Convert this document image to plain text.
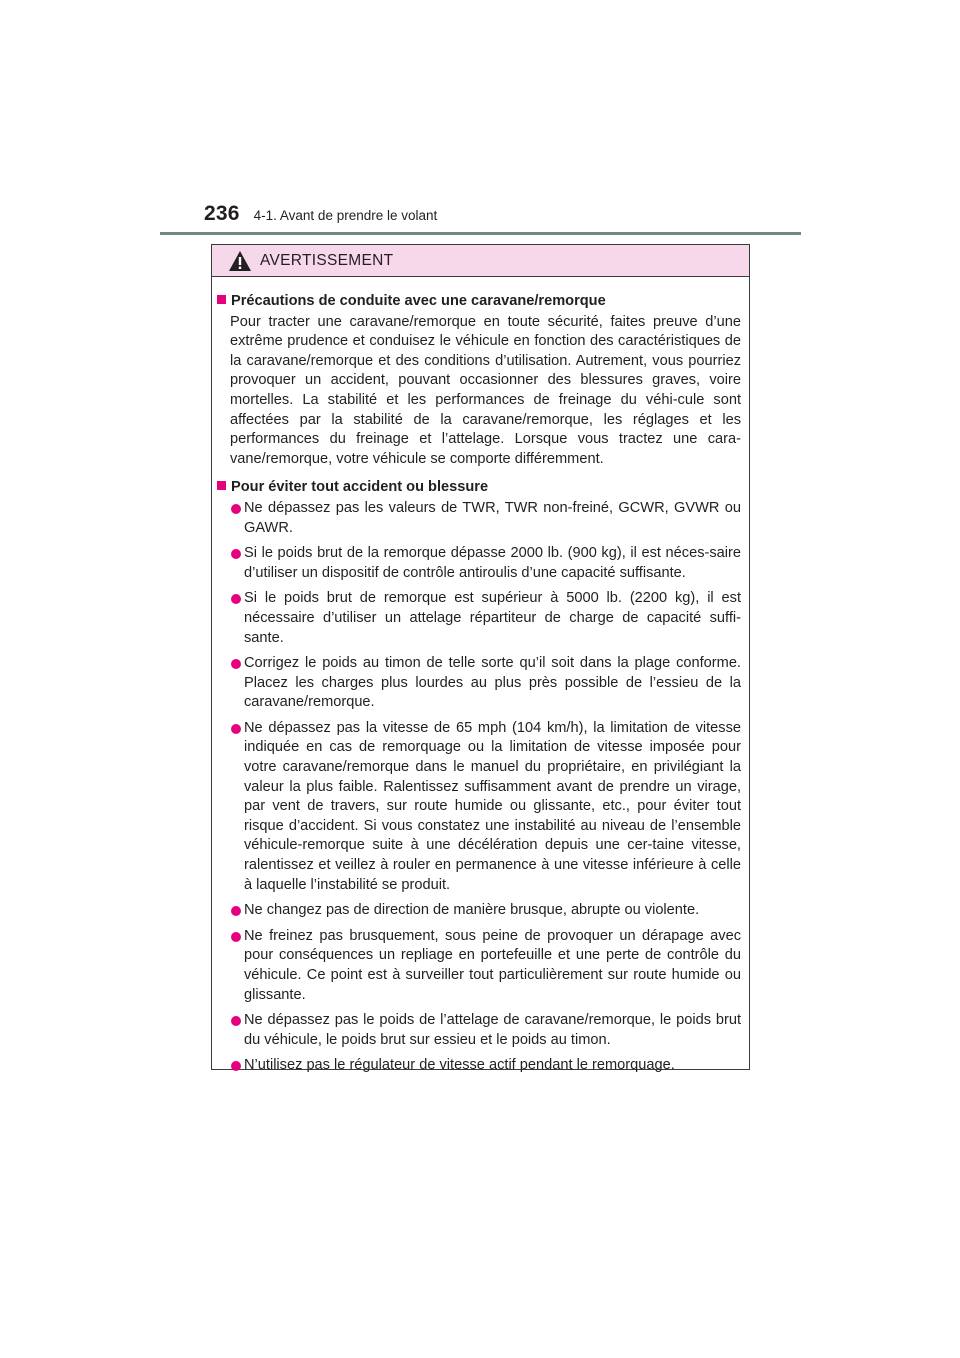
236 4-1. Avant de prendre le volant
AVERTISSEMENT
Précautions de conduite avec une caravane/remorque

Pour tracter une caravane/remorque en toute sécurité, faites preuve d’une extrême prudence et conduisez le véhicule en fonction des caractéristiques de la caravane/remorque et des conditions d’utilisation. Autrement, vous pourriez provoquer un accident, pouvant occasionner des blessures graves, voire mortelles. La stabilité et les performances de freinage du véhi-cule sont affectées par la stabilité de la caravane/remorque, les réglages et les performances du freinage et l’attelage. Lorsque vous tractez une cara-vane/remorque, votre véhicule se comporte différemment.

Pour éviter tout accident ou blessure
Ne dépassez pas les valeurs de TWR, TWR non-freiné, GCWR, GVWR ou GAWR.
Si le poids brut de la remorque dépasse 2000 lb. (900 kg), il est néces-saire d’utiliser un dispositif de contrôle antiroulis d’une capacité suffisante.
Si le poids brut de remorque est supérieur à 5000 lb. (2200 kg), il est nécessaire d’utiliser un attelage répartiteur de charge de capacité suffi-sante.
Corrigez le poids au timon de telle sorte qu’il soit dans la plage conforme. Placez les charges plus lourdes au plus près possible de l’essieu de la caravane/remorque.
Ne dépassez pas la vitesse de 65 mph (104 km/h), la limitation de vitesse indiquée en cas de remorquage ou la limitation de vitesse imposée pour votre caravane/remorque dans le manuel du propriétaire, en privilégiant la valeur la plus faible. Ralentissez suffisamment avant de prendre un virage, par vent de travers, sur route humide ou glissante, etc., pour éviter tout risque d’accident. Si vous constatez une instabilité au niveau de l’ensemble véhicule-remorque suite à une décélération depuis une cer-taine vitesse, ralentissez et veillez à rouler en permanence à une vitesse inférieure à celle à laquelle l’instabilité se produit.
Ne changez pas de direction de manière brusque, abrupte ou violente.
Ne freinez pas brusquement, sous peine de provoquer un dérapage avec pour conséquences un repliage en portefeuille et une perte de contrôle du véhicule. Ce point est à surveiller tout particulièrement sur route humide ou glissante.
Ne dépassez pas le poids de l’attelage de caravane/remorque, le poids brut du véhicule, le poids brut sur essieu et le poids au timon.
N’utilisez pas le régulateur de vitesse actif pendant le remorquage.
